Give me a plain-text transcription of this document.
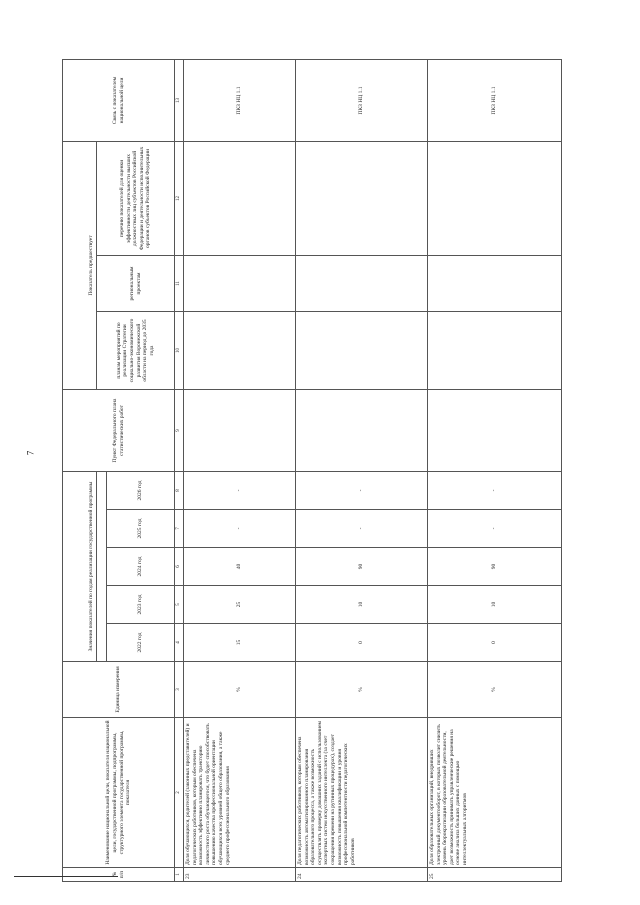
7
№ п/п	Наименование национальной цели, показателя национальной цели, государственной программы, подпрограммы, структурного элемента государственной программы, показателя	Единица измерения	Значения показателей по годам реализации государственной программы					Пункт Федерального плана статистических работ	Показатель предшествует			Связь с показателем национальной цели
									планам мероприятий по реализации Стратегии социально-экономического развития Воронежской области на период до 2035 года	региональным проектам	перечню показателей для оценки эффективности деятельности высших должностных лиц субъектов Российской Федерации и деятельности исполнительных органов субъектов Российской Федерации	
			2022 год	2023 год	2024 год	2025 год	2026 год					
1	2	3	4	5	6	7	8	9	10	11	12	13
23	Доля обучающихся, родителей (законных представителей) и педагогических работников, которым обеспечена возможность эффективно планировать траекторию личностного роста обучающегося, что будет способствовать повышению качества профессиональной ориентации обучающихся всех уровней общего образования, а также среднего профессионального образования	%	15	25	40	-	-					ПКЗ НЦ 1.1
24	Доля педагогических работников, которым обеспечена возможность автоматизированного планирования образовательного процесса, а также возможность осуществлять проверку домашних заданий с использованием экспертных систем искусственного интеллекта (за счет сокращения времени на рутинных процедурах), создает возможность повышения квалификации и уровня профессиональной компетентности педагогических работников	%	0	10	90	-	-					ПКЗ НЦ 1.1
25	Доля образовательных организаций, внедривших электронный документооборот, в которых позволит снизить уровень бюрократизации образовательной деятельности, дает возможность принимать управленческие решения на основе анализа больших данных с помощью интеллектуальных алгоритмов	%	0	10	90	-	-					ПКЗ НЦ 1.1
